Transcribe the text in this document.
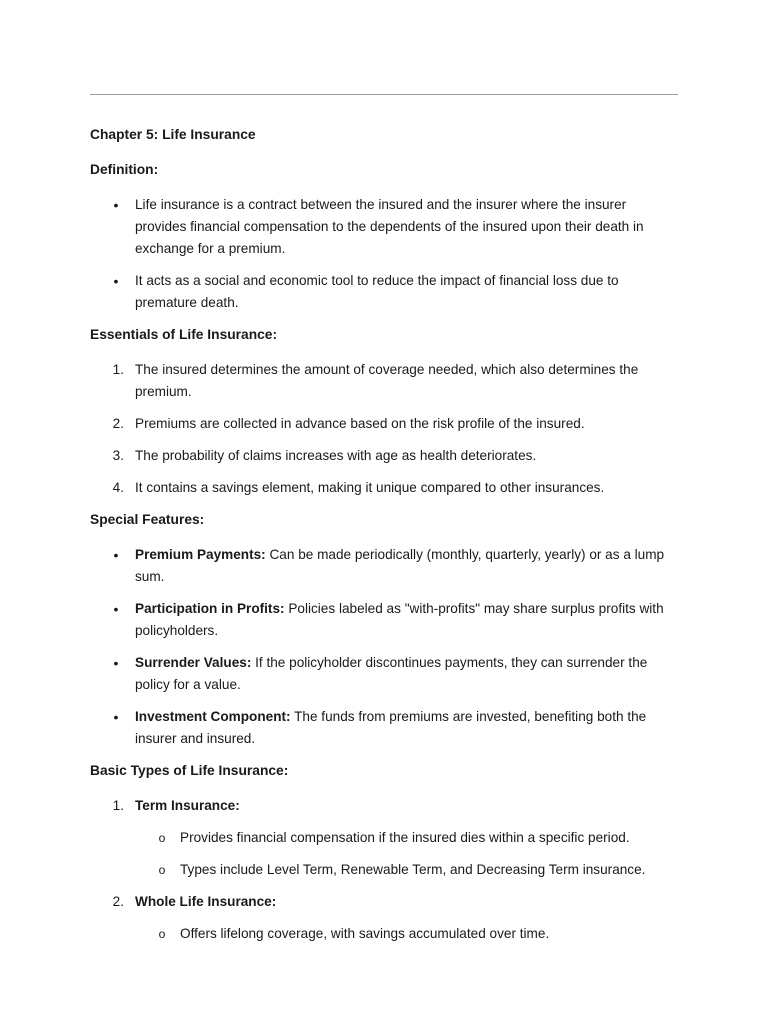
Chapter 5: Life Insurance
Definition:
• Life insurance is a contract between the insured and the insurer where the insurer provides financial compensation to the dependents of the insured upon their death in exchange for a premium.
• It acts as a social and economic tool to reduce the impact of financial loss due to premature death.
Essentials of Life Insurance:
1. The insured determines the amount of coverage needed, which also determines the premium.
2. Premiums are collected in advance based on the risk profile of the insured.
3. The probability of claims increases with age as health deteriorates.
4. It contains a savings element, making it unique compared to other insurances.
Special Features:
• Premium Payments: Can be made periodically (monthly, quarterly, yearly) or as a lump sum.
• Participation in Profits: Policies labeled as "with-profits" may share surplus profits with policyholders.
• Surrender Values: If the policyholder discontinues payments, they can surrender the policy for a value.
• Investment Component: The funds from premiums are invested, benefiting both the insurer and insured.
Basic Types of Life Insurance:
1. Term Insurance:
o Provides financial compensation if the insured dies within a specific period.
o Types include Level Term, Renewable Term, and Decreasing Term insurance.
2. Whole Life Insurance:
o Offers lifelong coverage, with savings accumulated over time.
